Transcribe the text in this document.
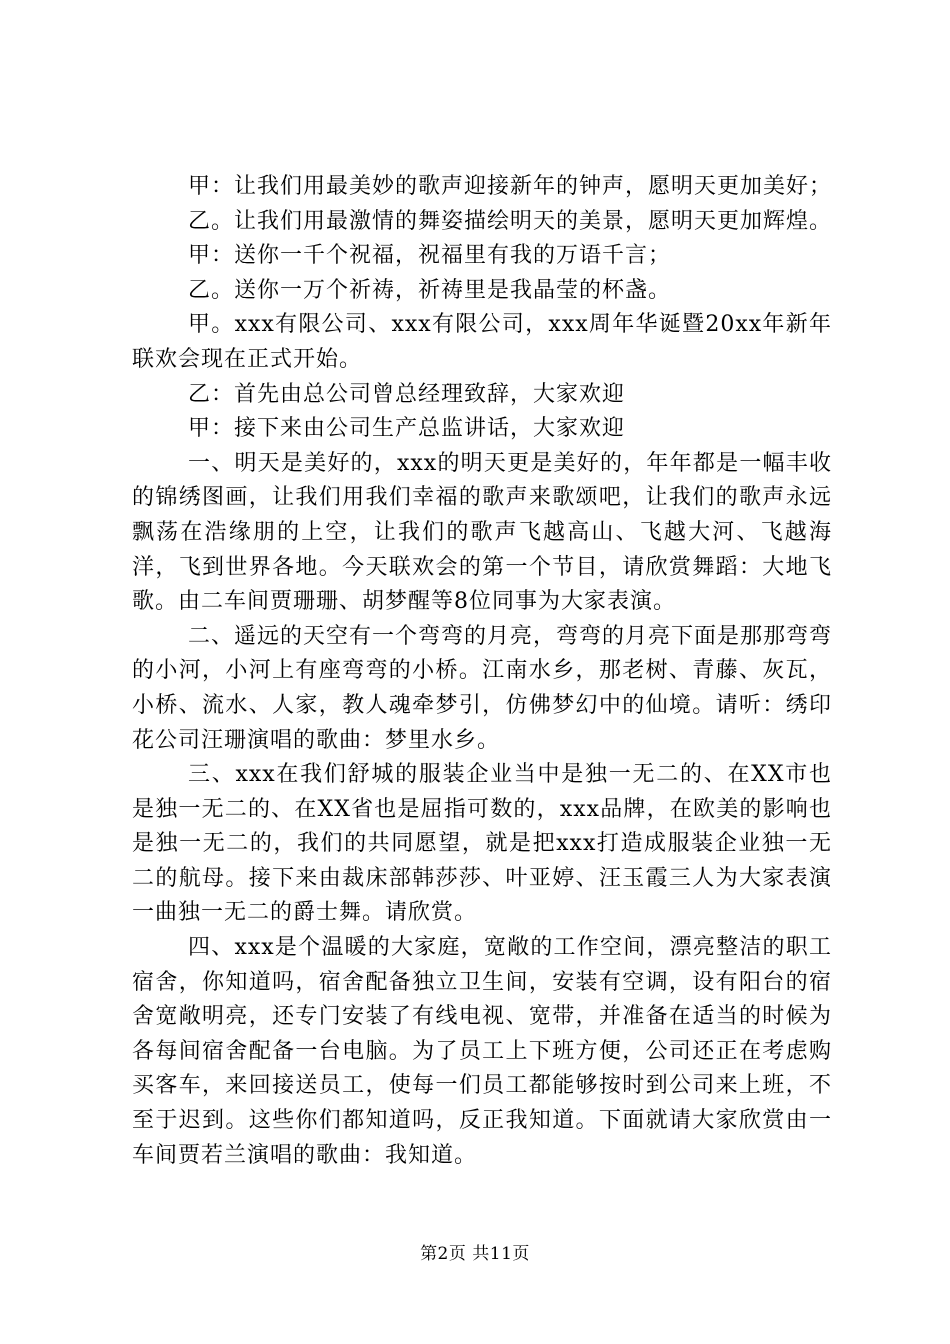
甲：让我们用最美妙的歌声迎接新年的钟声，愿明天更加美好；

乙。让我们用最激情的舞姿描绘明天的美景，愿明天更加辉煌。

甲：送你一千个祝福，祝福里有我的万语千言；

乙。送你一万个祈祷，祈祷里是我晶莹的杯盏。

甲。xxx有限公司、xxx有限公司，xxx周年华诞暨20xx年新年联欢会现在正式开始。

乙：首先由总公司曾总经理致辞，大家欢迎

甲：接下来由公司生产总监讲话，大家欢迎

一、明天是美好的，xxx的明天更是美好的，年年都是一幅丰收的锦绣图画，让我们用我们幸福的歌声来歌颂吧，让我们的歌声永远飘荡在浩缘朋的上空，让我们的歌声飞越高山、飞越大河、飞越海洋，飞到世界各地。今天联欢会的第一个节目，请欣赏舞蹈：大地飞歌。由二车间贾珊珊、胡梦醒等8位同事为大家表演。

二、遥远的天空有一个弯弯的月亮，弯弯的月亮下面是那那弯弯的小河，小河上有座弯弯的小桥。江南水乡，那老树、青藤、灰瓦，小桥、流水、人家，教人魂牵梦引，仿佛梦幻中的仙境。请听：绣印花公司汪珊演唱的歌曲：梦里水乡。

三、xxx在我们舒城的服装企业当中是独一无二的、在XX市也是独一无二的、在XX省也是屈指可数的，xxx品牌，在欧美的影响也是独一无二的，我们的共同愿望，就是把xxx打造成服装企业独一无二的航母。接下来由裁床部韩莎莎、叶亚婷、汪玉霞三人为大家表演一曲独一无二的爵士舞。请欣赏。

四、xxx是个温暖的大家庭，宽敞的工作空间，漂亮整洁的职工宿舍，你知道吗，宿舍配备独立卫生间，安装有空调，设有阳台的宿舍宽敞明亮，还专门安装了有线电视、宽带，并准备在适当的时候为各每间宿舍配备一台电脑。为了员工上下班方便，公司还正在考虑购买客车，来回接送员工，使每一们员工都能够按时到公司来上班，不至于迟到。这些你们都知道吗，反正我知道。下面就请大家欣赏由一车间贾若兰演唱的歌曲：我知道。

第2页 共11页
